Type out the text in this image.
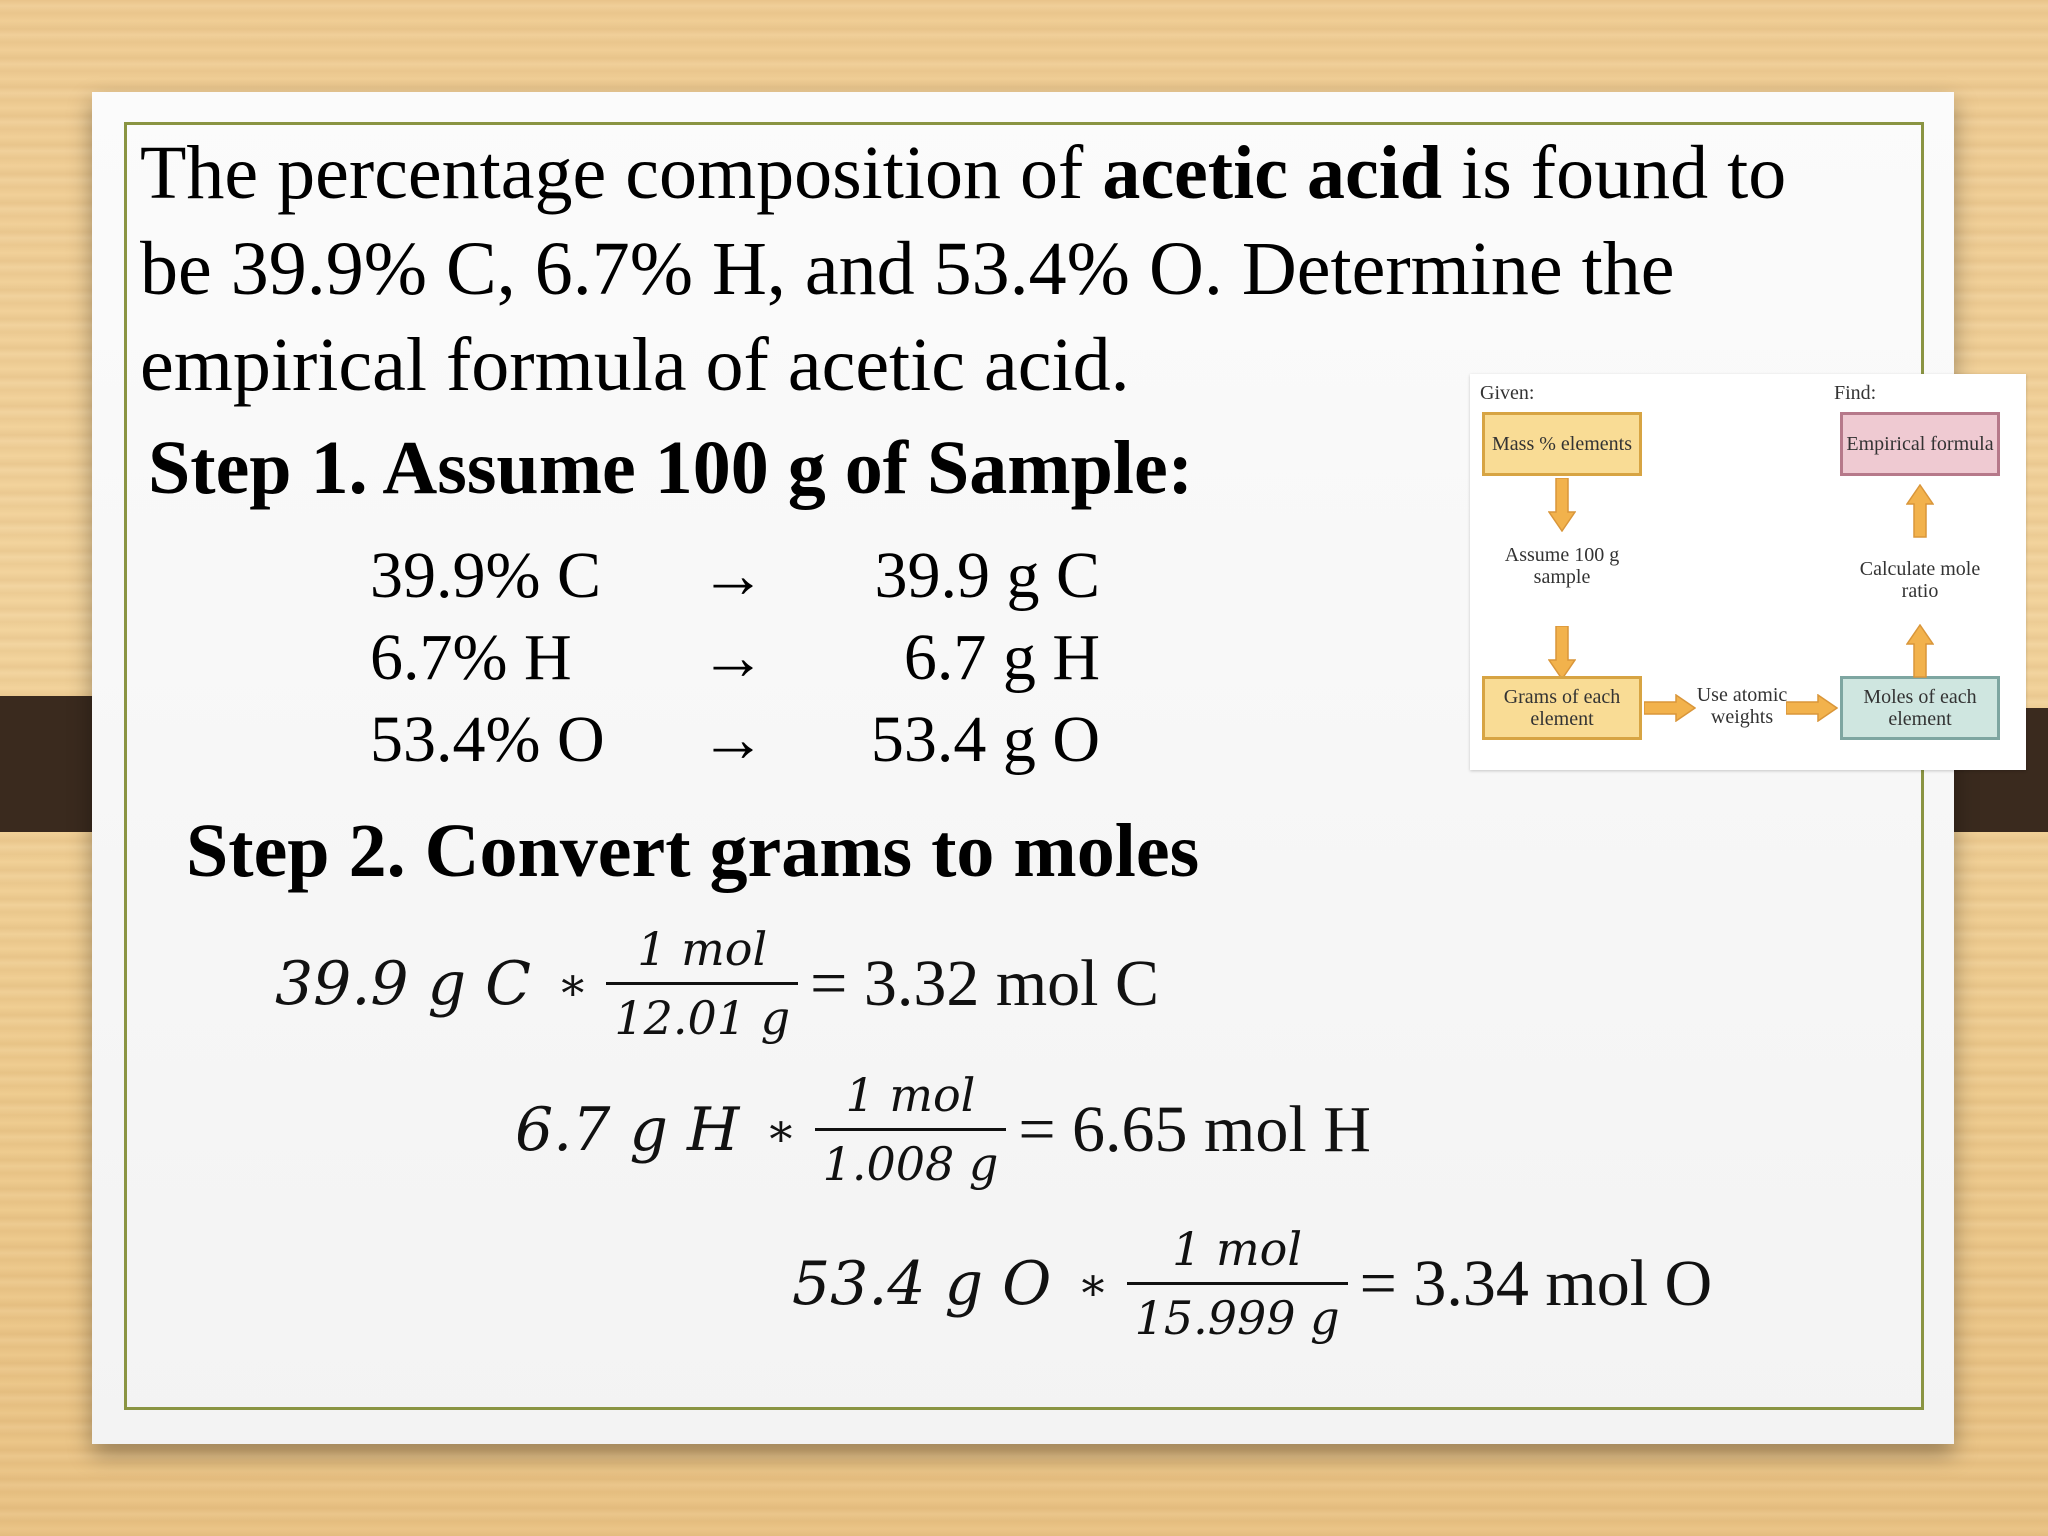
The percentage composition of acetic acid is found to be 39.9% C, 6.7% H, and 53.4% O. Determine the empirical formula of acetic acid.

Step 1. Assume 100 g of Sample:
39.9% C →	39.9 g C
6.7% H →	6.7 g H
53.4% O →	53.4 g O
Step 2. Convert grams to moles
39.9 g C ∗ $\frac{\text{1 mol}}{12.01 g} = 3.32$ mol C
6.7 g H ∗ $\frac{\text{1 mol}}{1.008 g} = 6.65$ mol H
53.4 g O ∗ $\frac{\text{1 mol}}{15.999 g} = 3.34$ mol O
Given:	Find:
Mass % elements	Empirical formula
Assume 100 g sample
Grams of each element
Use atomic weights
Moles of each element
Calculate mole ratio
